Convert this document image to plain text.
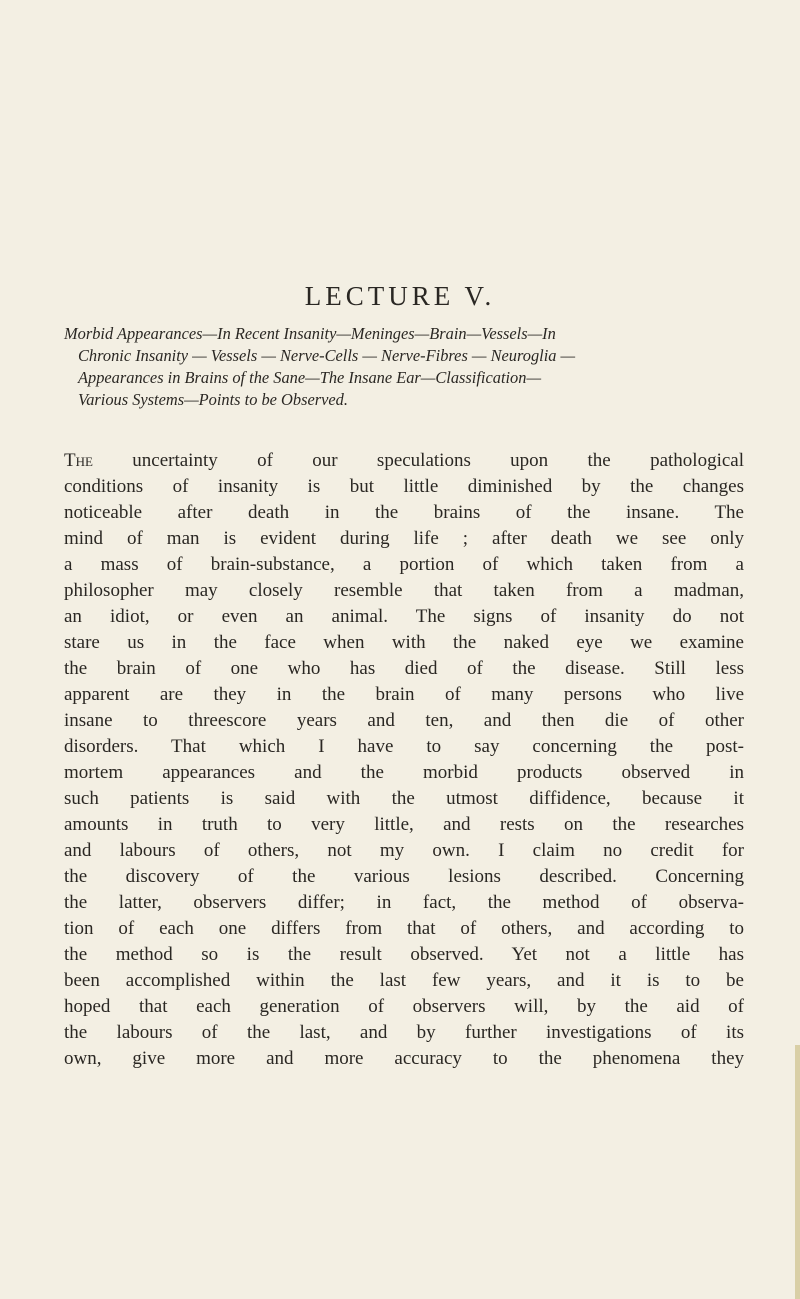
LECTURE V.

Morbid Appearances—In Recent Insanity—Meninges—Brain—Vessels—In
Chronic Insanity — Vessels — Nerve-Cells — Nerve-Fibres — Neuroglia —
Appearances in Brains of the Sane—The Insane Ear—Classification—
Various Systems—Points to be Observed.

The uncertainty of our speculations upon the pathological
conditions of insanity is but little diminished by the changes
noticeable after death in the brains of the insane. The
mind of man is evident during life ; after death we see only
a mass of brain-substance, a portion of which taken from a
philosopher may closely resemble that taken from a madman,
an idiot, or even an animal. The signs of insanity do not
stare us in the face when with the naked eye we examine
the brain of one who has died of the disease. Still less
apparent are they in the brain of many persons who live
insane to threescore years and ten, and then die of other
disorders. That which I have to say concerning the post-
mortem appearances and the morbid products observed in
such patients is said with the utmost diffidence, because it
amounts in truth to very little, and rests on the researches
and labours of others, not my own. I claim no credit for
the discovery of the various lesions described. Concerning
the latter, observers differ; in fact, the method of observa-
tion of each one differs from that of others, and according to
the method so is the result observed. Yet not a little has
been accomplished within the last few years, and it is to be
hoped that each generation of observers will, by the aid of
the labours of the last, and by further investigations of its
own, give more and more accuracy to the phenomena they
